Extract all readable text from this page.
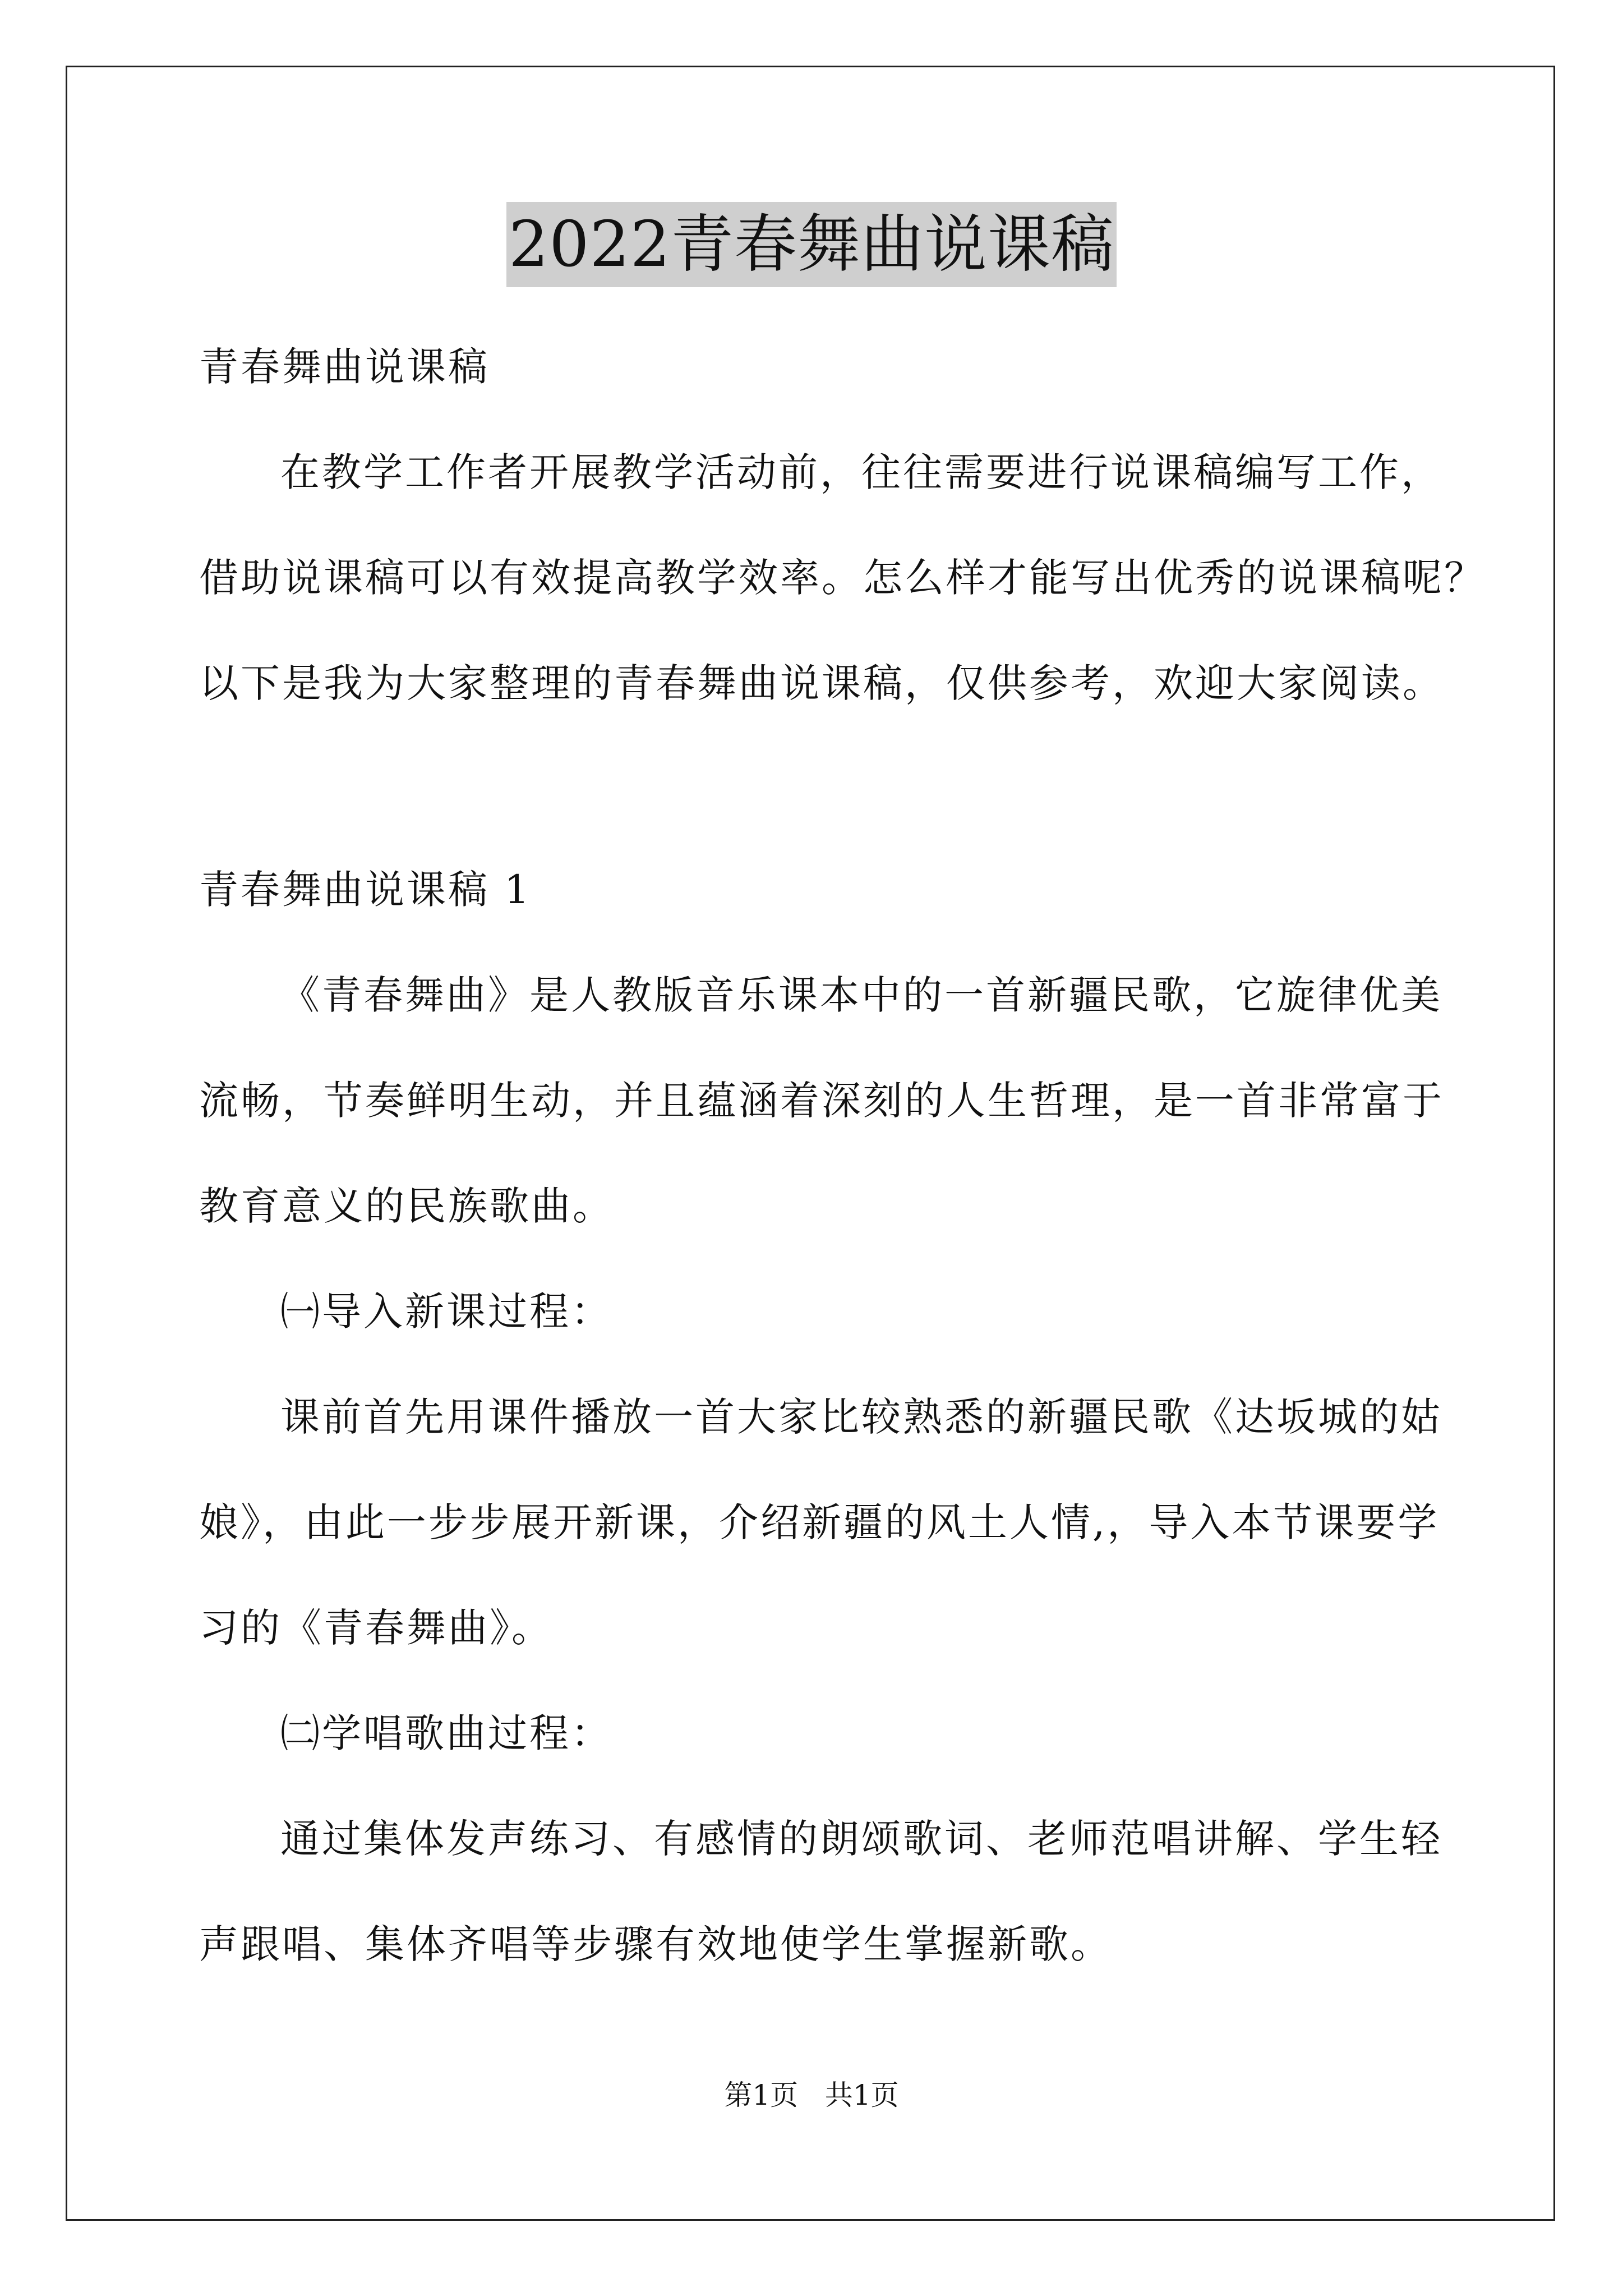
2022青春舞曲说课稿

青春舞曲说课稿

在教学工作者开展教学活动前，往往需要进行说课稿编写工作，

借助说课稿可以有效提高教学效率。怎么样才能写出优秀的说课稿呢？

以下是我为大家整理的青春舞曲说课稿，仅供参考，欢迎大家阅读。

青春舞曲说课稿 1

《青春舞曲》是人教版音乐课本中的一首新疆民歌，它旋律优美

流畅，节奏鲜明生动，并且蕴涵着深刻的人生哲理，是一首非常富于

教育意义的民族歌曲。

㈠导入新课过程：

课前首先用课件播放一首大家比较熟悉的新疆民歌《达坂城的姑

娘》，由此一步步展开新课，介绍新疆的风土人情,，导入本节课要学

习的《青春舞曲》。

㈡学唱歌曲过程：

通过集体发声练习、有感情的朗颂歌词、老师范唱讲解、学生轻

声跟唱、集体齐唱等步骤有效地使学生掌握新歌。

第1页   共1页
